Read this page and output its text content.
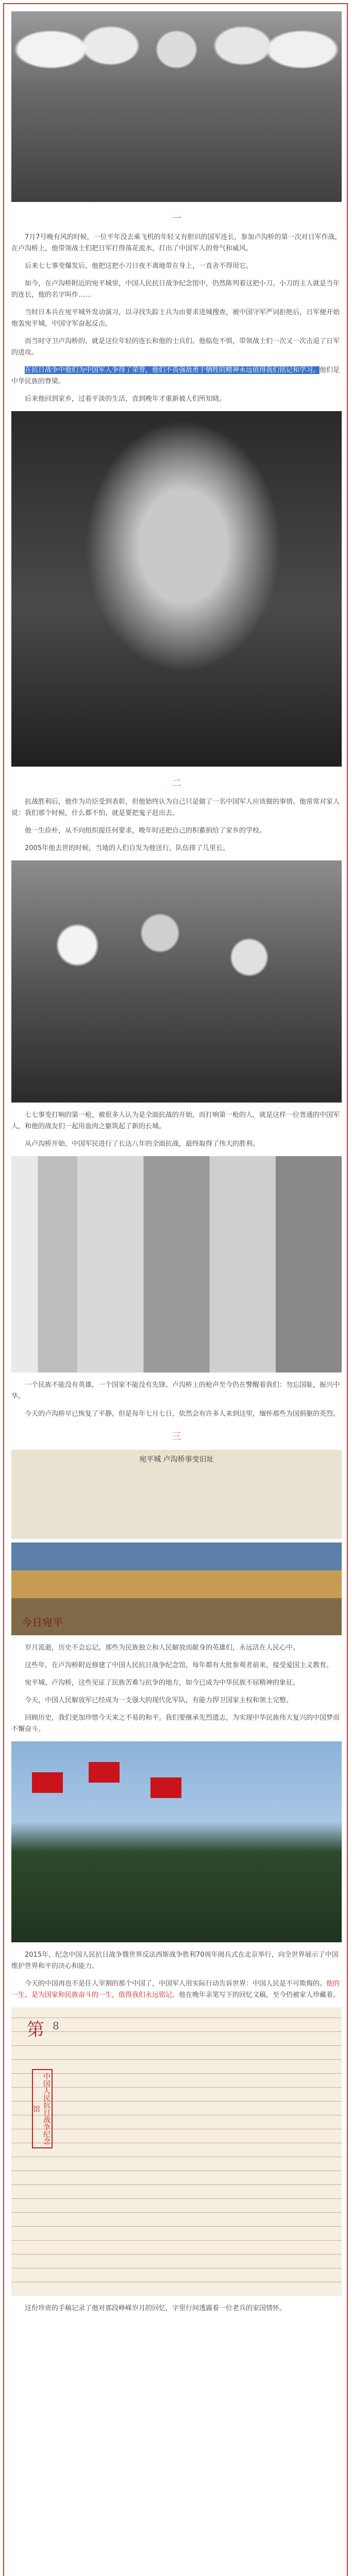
一

7月7号晚有风的时候，一位平年没去乘飞机的年轻又有胆识的国军连长，参加卢沟桥的第一次对日军作战，在卢沟桥上，他带领战士们把日军打得落花流水，打出了中国军人的骨气和威风。

后来七七事变爆发后，他把这把小刀日夜不离地带在身上，一直舍不得用它。

如今，在卢沟桥附近的宛平城里，中国人民抗日战争纪念馆中，仍然陈列着这把小刀。小刀的主人就是当年的连长，他的名字叫作……

当时日本兵在宛平城外发动演习，以寻找失踪士兵为由要求进城搜查，被中国守军严词拒绝后，日军便开始炮轰宛平城，中国守军奋起反击。

而当时守卫卢沟桥的，就是这位年轻的连长和他的士兵们。他临危不惧，带领战士们一次又一次击退了日军的进攻。

在抗日战争中他们为中国军人争得了荣誉，他们不畏强敌勇于牺牲的精神永远值得我们铭记和学习。他们是中华民族的脊梁。

后来他回到家乡，过着平淡的生活，直到晚年才重新被人们所知晓。

二

抗战胜利后，他作为功臣受到表彰，但他始终认为自己只是做了一名中国军人应该做的事情。他常常对家人说：我们那个时候，什么都不怕，就是要把鬼子赶出去。

他一生俭朴，从不向组织提任何要求，晚年时还把自己的积蓄捐给了家乡的学校。

2005年他去世的时候，当地的人们自发为他送行，队伍排了几里长。

七七事变打响的第一枪，被很多人认为是全面抗战的开始，而打响第一枪的人，就是这样一位普通的中国军人，和他的战友们一起用血肉之躯筑起了新的长城。

从卢沟桥开始，中国军民进行了长达八年的全面抗战，最终取得了伟大的胜利。

一个民族不能没有英雄，一个国家不能没有先锋。卢沟桥上的枪声至今仍在警醒着我们：勿忘国耻，振兴中华。

今天的卢沟桥早已恢复了平静，但是每年七月七日，依然会有许多人来到这里，缅怀那些为国捐躯的英烈。

三
宛平城 卢沟桥事变旧址
今日宛平

岁月流逝，历史不会忘记。那些为民族独立和人民解放而献身的英雄们，永远活在人民心中。

这些年，在卢沟桥附近修建了中国人民抗日战争纪念馆，每年都有大批参观者前来，接受爱国主义教育。

宛平城、卢沟桥，这些见证了民族苦难与抗争的地方，如今已成为中华民族不屈精神的象征。

今天，中国人民解放军已经成为一支强大的现代化军队，有能力捍卫国家主权和领土完整。

回顾历史，我们更加珍惜今天来之不易的和平。我们要继承先烈遗志，为实现中华民族伟大复兴的中国梦而不懈奋斗。

2015年，纪念中国人民抗日战争暨世界反法西斯战争胜利70周年阅兵式在北京举行，向全世界展示了中国维护世界和平的决心和能力。

今天的中国再也不是任人宰割的那个中国了，中国军人用实际行动告诉世界：中国人民是不可欺侮的。他的一生，是为国家和民族奋斗的一生，值得我们永远铭记。他在晚年亲笔写下的回忆文稿，至今仍被家人珍藏着。

第 8
中国人民抗日战争纪念馆

这份珍贵的手稿记录了他对那段峥嵘岁月的回忆，字里行间透露着一位老兵的家国情怀。
